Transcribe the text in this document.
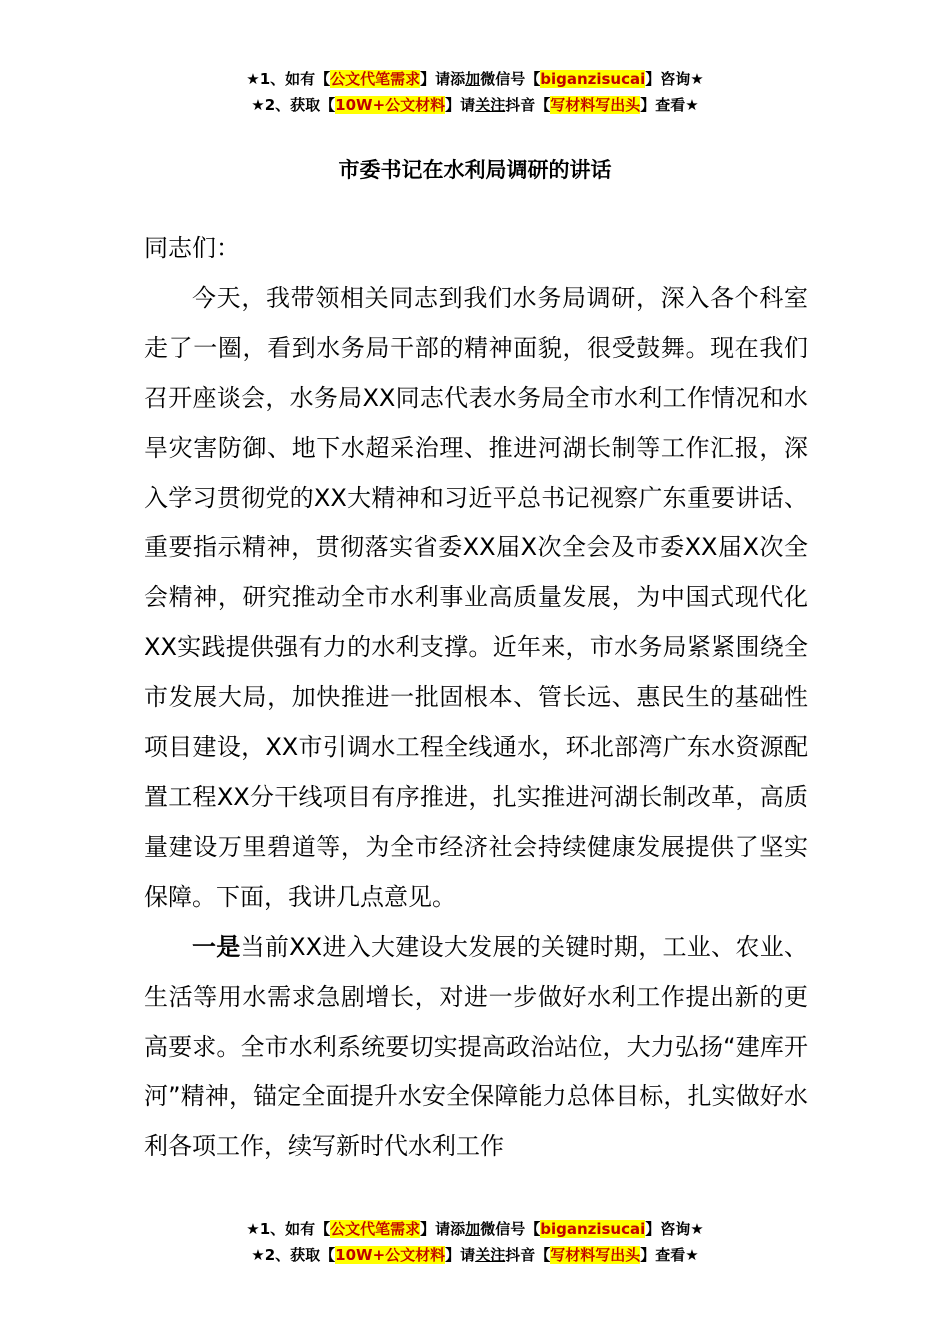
★1、如有【公文代笔需求】请添加微信号【biganzisucai】咨询★
★2、获取【10W+公文材料】请关注抖音【写材料写出头】查看★
市委书记在水利局调研的讲话

同志们：

今天，我带领相关同志到我们水务局调研，深入各个科室走了一圈，看到水务局干部的精神面貌，很受鼓舞。现在我们召开座谈会，水务局XX同志代表水务局全市水利工作情况和水旱灾害防御、地下水超采治理、推进河湖长制等工作汇报，深入学习贯彻党的XX大精神和习近平总书记视察广东重要讲话、重要指示精神，贯彻落实省委XX届X次全会及市委XX届X次全会精神，研究推动全市水利事业高质量发展，为中国式现代化XX实践提供强有力的水利支撑。近年来，市水务局紧紧围绕全市发展大局，加快推进一批固根本、管长远、惠民生的基础性项目建设，XX市引调水工程全线通水，环北部湾广东水资源配置工程XX分干线项目有序推进，扎实推进河湖长制改革，高质量建设万里碧道等，为全市经济社会持续健康发展提供了坚实保障。下面，我讲几点意见。

一是当前XX进入大建设大发展的关键时期，工业、农业、生活等用水需求急剧增长，对进一步做好水利工作提出新的更高要求。全市水利系统要切实提高政治站位，大力弘扬“建库开河”精神，锚定全面提升水安全保障能力总体目标，扎实做好水利各项工作，续写新时代水利工作

★1、如有【公文代笔需求】请添加微信号【biganzisucai】咨询★
★2、获取【10W+公文材料】请关注抖音【写材料写出头】查看★
